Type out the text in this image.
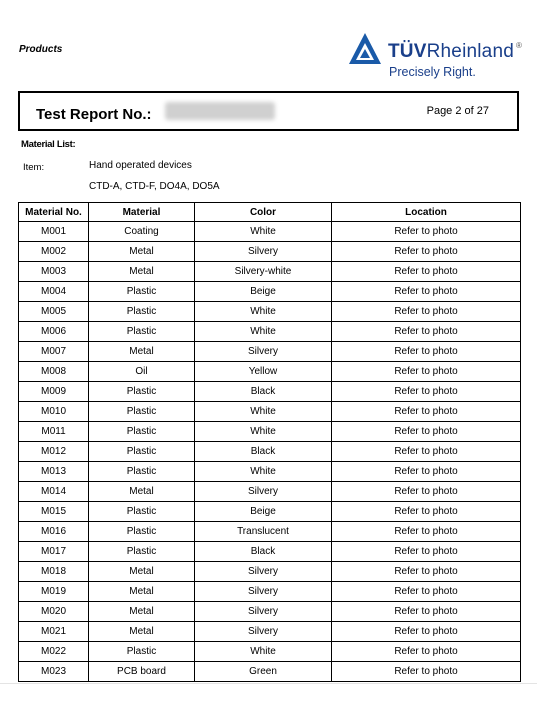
Products	TÜVRheinland ®
Precisely Right.
Test Report No.:	Page 2 of 27
Material List:
Item:	Hand operated devices
CTD-A, CTD-F, DO4A, DO5A
Material No.	Material	Color	Location
M001	Coating	White	Refer to photo
M002	Metal	Silvery	Refer to photo
M003	Metal	Silvery-white	Refer to photo
M004	Plastic	Beige	Refer to photo
M005	Plastic	White	Refer to photo
M006	Plastic	White	Refer to photo
M007	Metal	Silvery	Refer to photo
M008	Oil	Yellow	Refer to photo
M009	Plastic	Black	Refer to photo
M010	Plastic	White	Refer to photo
M011	Plastic	White	Refer to photo
M012	Plastic	Black	Refer to photo
M013	Plastic	White	Refer to photo
M014	Metal	Silvery	Refer to photo
M015	Plastic	Beige	Refer to photo
M016	Plastic	Translucent	Refer to photo
M017	Plastic	Black	Refer to photo
M018	Metal	Silvery	Refer to photo
M019	Metal	Silvery	Refer to photo
M020	Metal	Silvery	Refer to photo
M021	Metal	Silvery	Refer to photo
M022	Plastic	White	Refer to photo
M023	PCB board	Green	Refer to photo
